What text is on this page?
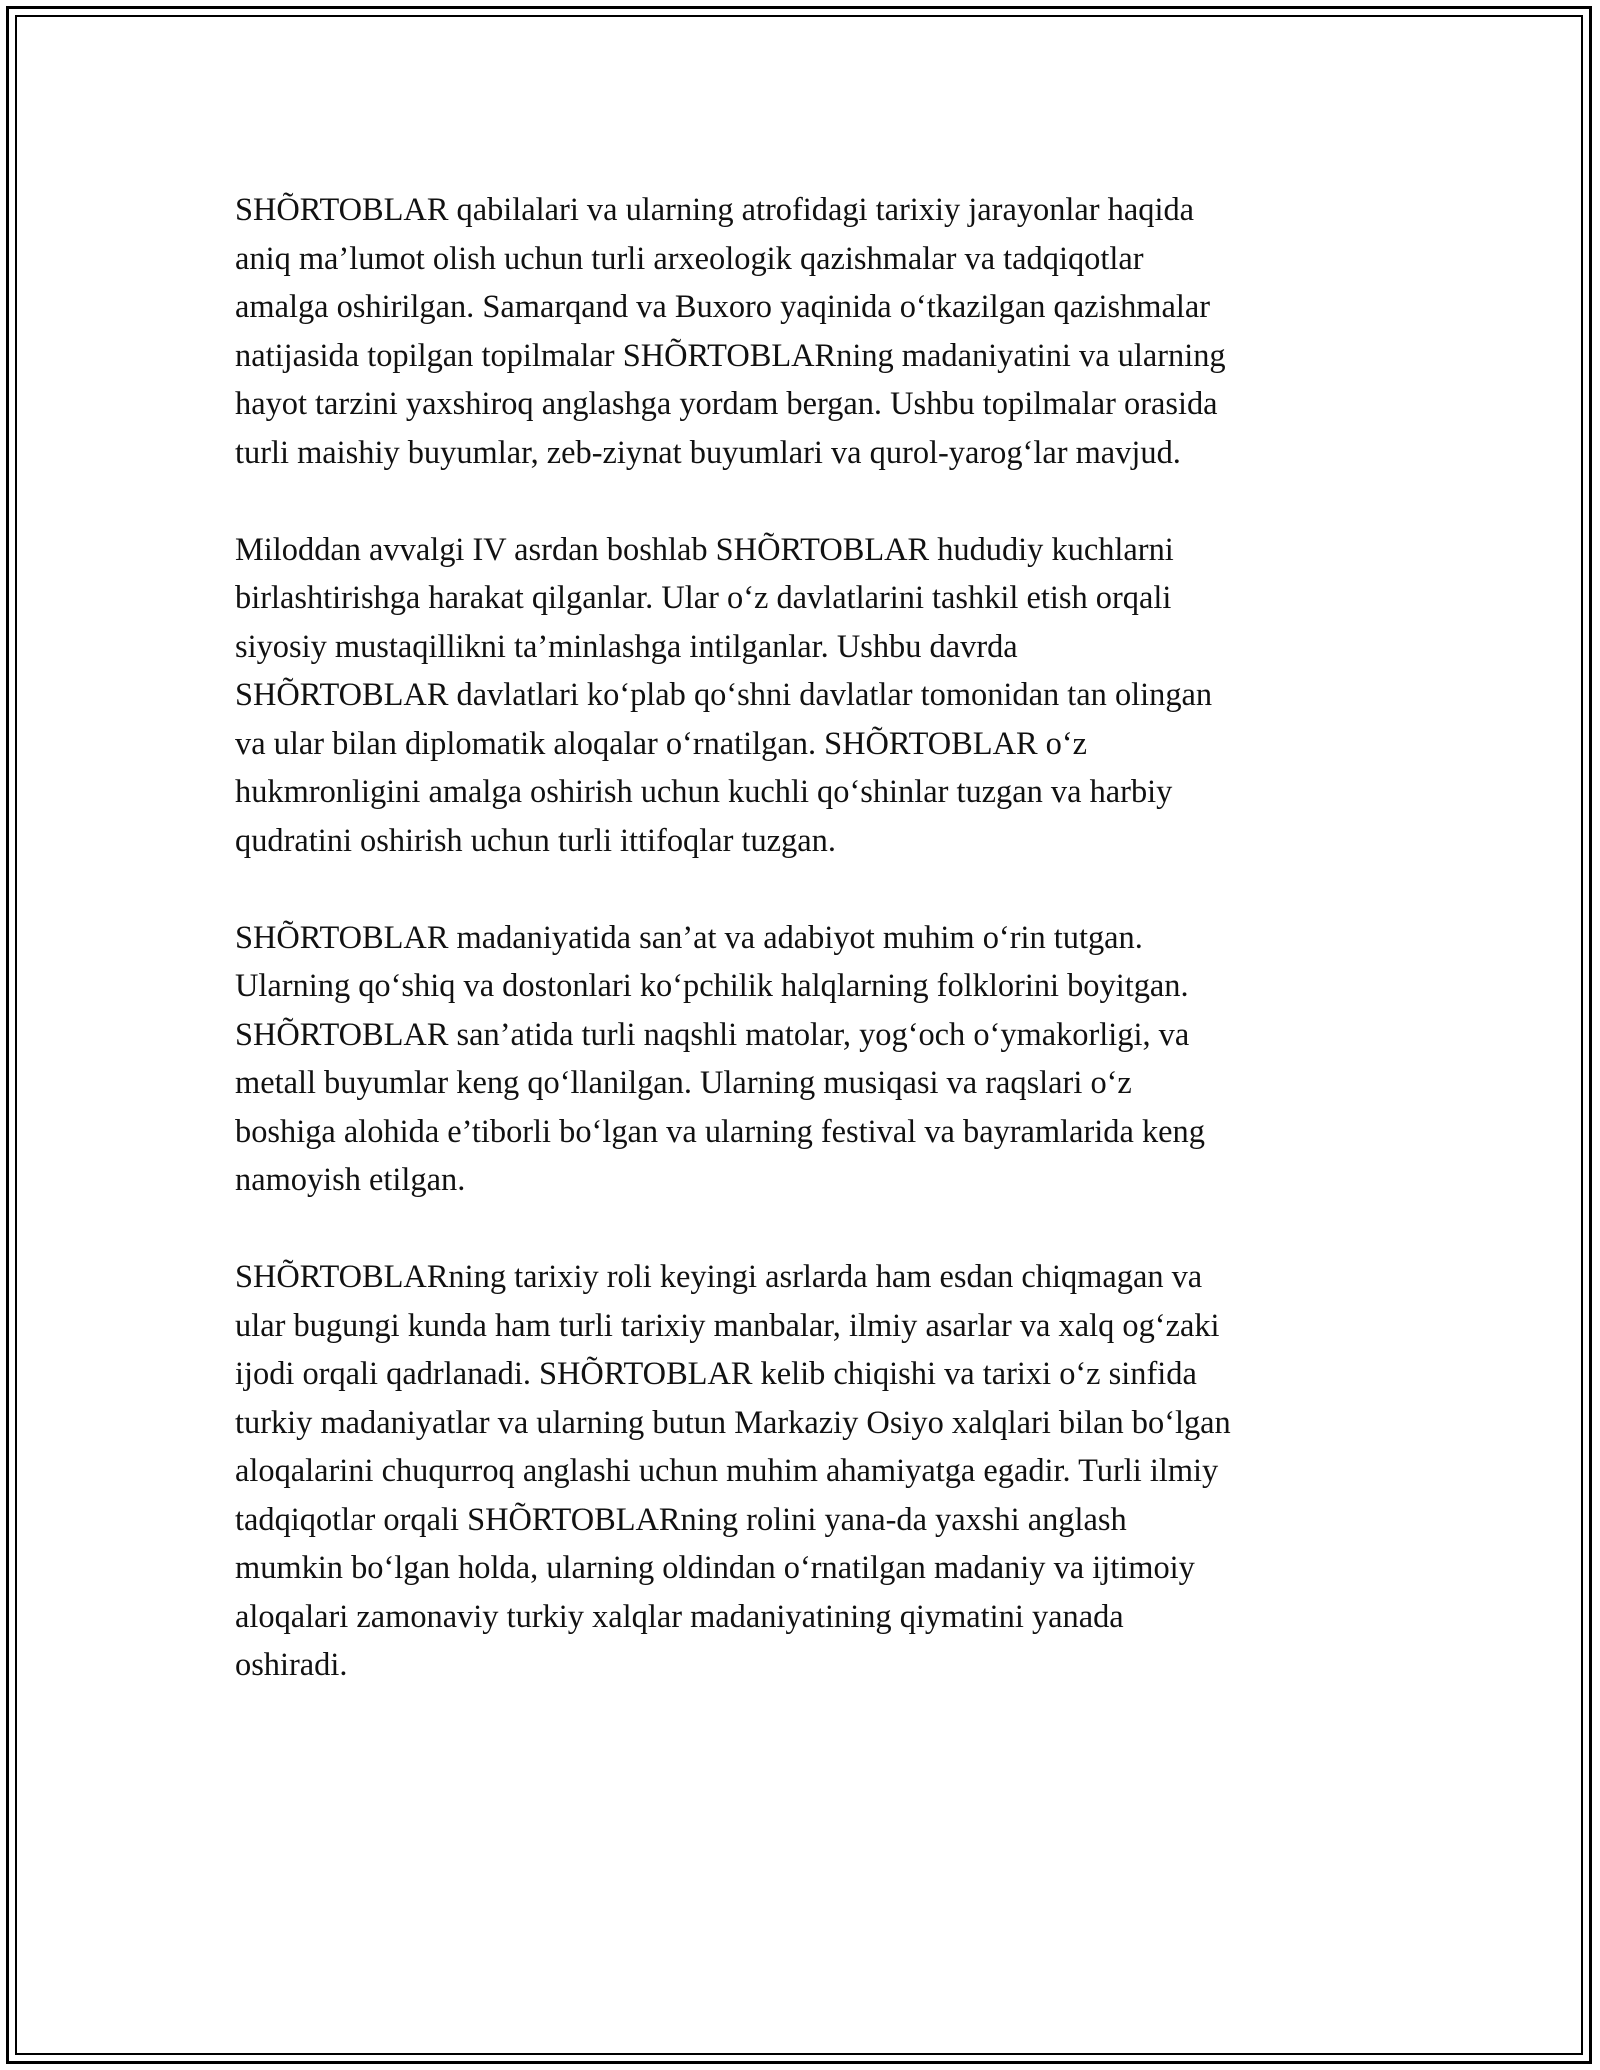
SHÕRTOBLAR qabilalari va ularning atrofidagi tarixiy jarayonlar haqida
aniq ma’lumot olish uchun turli arxeologik qazishmalar va tadqiqotlar
amalga oshirilgan. Samarqand va Buxoro yaqinida o‘tkazilgan qazishmalar
natijasida topilgan topilmalar SHÕRTOBLARning madaniyatini va ularning
hayot tarzini yaxshiroq anglashga yordam bergan. Ushbu topilmalar orasida
turli maishiy buyumlar, zeb-ziynat buyumlari va qurol-yarog‘lar mavjud.

Miloddan avvalgi IV asrdan boshlab SHÕRTOBLAR hududiy kuchlarni
birlashtirishga harakat qilganlar. Ular o‘z davlatlarini tashkil etish orqali
siyosiy mustaqillikni ta’minlashga intilganlar. Ushbu davrda
SHÕRTOBLAR davlatlari ko‘plab qo‘shni davlatlar tomonidan tan olingan
va ular bilan diplomatik aloqalar o‘rnatilgan. SHÕRTOBLAR o‘z
hukmronligini amalga oshirish uchun kuchli qo‘shinlar tuzgan va harbiy
qudratini oshirish uchun turli ittifoqlar tuzgan.

SHÕRTOBLAR madaniyatida san’at va adabiyot muhim o‘rin tutgan.
Ularning qo‘shiq va dostonlari ko‘pchilik halqlarning folklorini boyitgan.
SHÕRTOBLAR san’atida turli naqshli matolar, yog‘och o‘ymakorligi, va
metall buyumlar keng qo‘llanilgan. Ularning musiqasi va raqslari o‘z
boshiga alohida e’tiborli bo‘lgan va ularning festival va bayramlarida keng
namoyish etilgan.

SHÕRTOBLARning tarixiy roli keyingi asrlarda ham esdan chiqmagan va
ular bugungi kunda ham turli tarixiy manbalar, ilmiy asarlar va xalq og‘zaki
ijodi orqali qadrlanadi. SHÕRTOBLAR kelib chiqishi va tarixi o‘z sinfida
turkiy madaniyatlar va ularning butun Markaziy Osiyo xalqlari bilan bo‘lgan
aloqalarini chuqurroq anglashi uchun muhim ahamiyatga egadir. Turli ilmiy
tadqiqotlar orqali SHÕRTOBLARning rolini yana-da yaxshi anglash
mumkin bo‘lgan holda, ularning oldindan o‘rnatilgan madaniy va ijtimoiy
aloqalari zamonaviy turkiy xalqlar madaniyatining qiymatini yanada
oshiradi.
